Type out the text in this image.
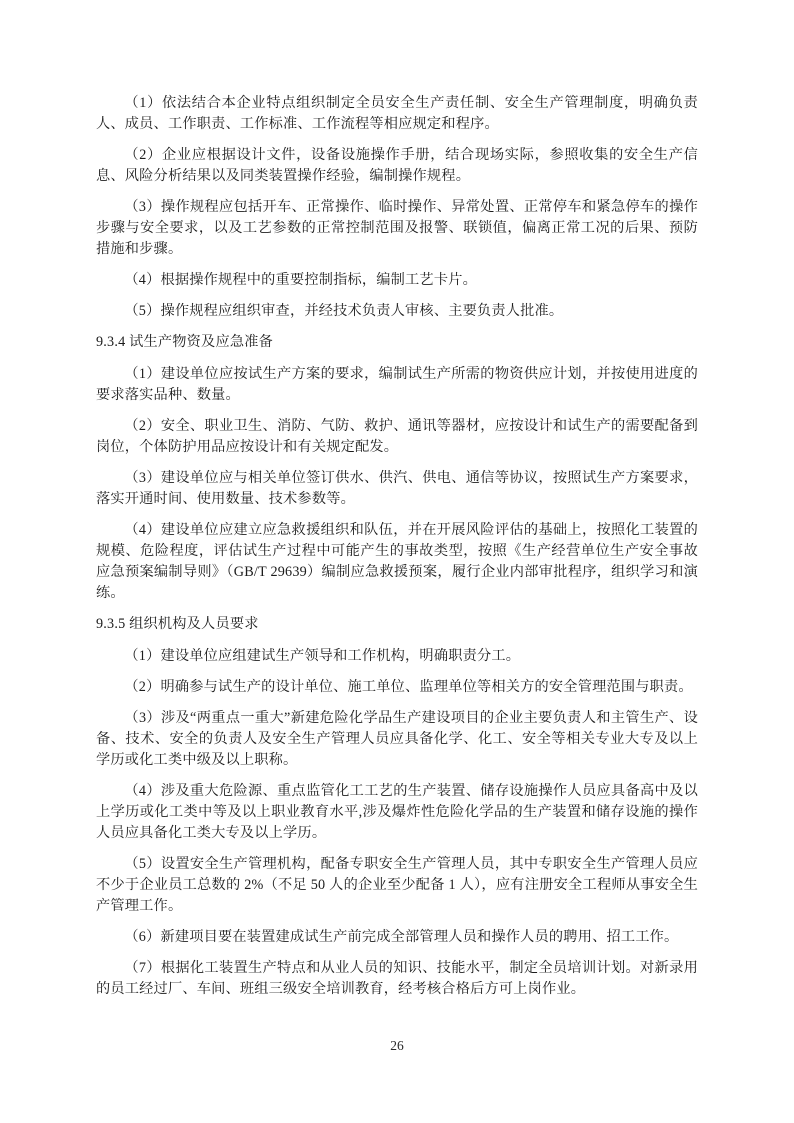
（1）依法结合本企业特点组织制定全员安全生产责任制、安全生产管理制度，明确负责人、成员、工作职责、工作标准、工作流程等相应规定和程序。

（2）企业应根据设计文件，设备设施操作手册，结合现场实际，参照收集的安全生产信息、风险分析结果以及同类装置操作经验，编制操作规程。

（3）操作规程应包括开车、正常操作、临时操作、异常处置、正常停车和紧急停车的操作步骤与安全要求，以及工艺参数的正常控制范围及报警、联锁值，偏离正常工况的后果、预防措施和步骤。

（4）根据操作规程中的重要控制指标，编制工艺卡片。

（5）操作规程应组织审查，并经技术负责人审核、主要负责人批准。

9.3.4 试生产物资及应急准备

（1）建设单位应按试生产方案的要求，编制试生产所需的物资供应计划，并按使用进度的要求落实品种、数量。

（2）安全、职业卫生、消防、气防、救护、通讯等器材，应按设计和试生产的需要配备到岗位，个体防护用品应按设计和有关规定配发。

（3）建设单位应与相关单位签订供水、供汽、供电、通信等协议，按照试生产方案要求，落实开通时间、使用数量、技术参数等。

（4）建设单位应建立应急救援组织和队伍，并在开展风险评估的基础上，按照化工装置的规模、危险程度，评估试生产过程中可能产生的事故类型，按照《生产经营单位生产安全事故应急预案编制导则》（GB/T 29639）编制应急救援预案，履行企业内部审批程序，组织学习和演练。

9.3.5 组织机构及人员要求

（1）建设单位应组建试生产领导和工作机构，明确职责分工。

（2）明确参与试生产的设计单位、施工单位、监理单位等相关方的安全管理范围与职责。

（3）涉及“两重点一重大”新建危险化学品生产建设项目的企业主要负责人和主管生产、设备、技术、安全的负责人及安全生产管理人员应具备化学、化工、安全等相关专业大专及以上学历或化工类中级及以上职称。

（4）涉及重大危险源、重点监管化工工艺的生产装置、储存设施操作人员应具备高中及以上学历或化工类中等及以上职业教育水平,涉及爆炸性危险化学品的生产装置和储存设施的操作人员应具备化工类大专及以上学历。

（5）设置安全生产管理机构，配备专职安全生产管理人员，其中专职安全生产管理人员应不少于企业员工总数的 2%（不足 50 人的企业至少配备 1 人），应有注册安全工程师从事安全生产管理工作。

（6）新建项目要在装置建成试生产前完成全部管理人员和操作人员的聘用、招工工作。

（7）根据化工装置生产特点和从业人员的知识、技能水平，制定全员培训计划。对新录用的员工经过厂、车间、班组三级安全培训教育，经考核合格后方可上岗作业。

26
